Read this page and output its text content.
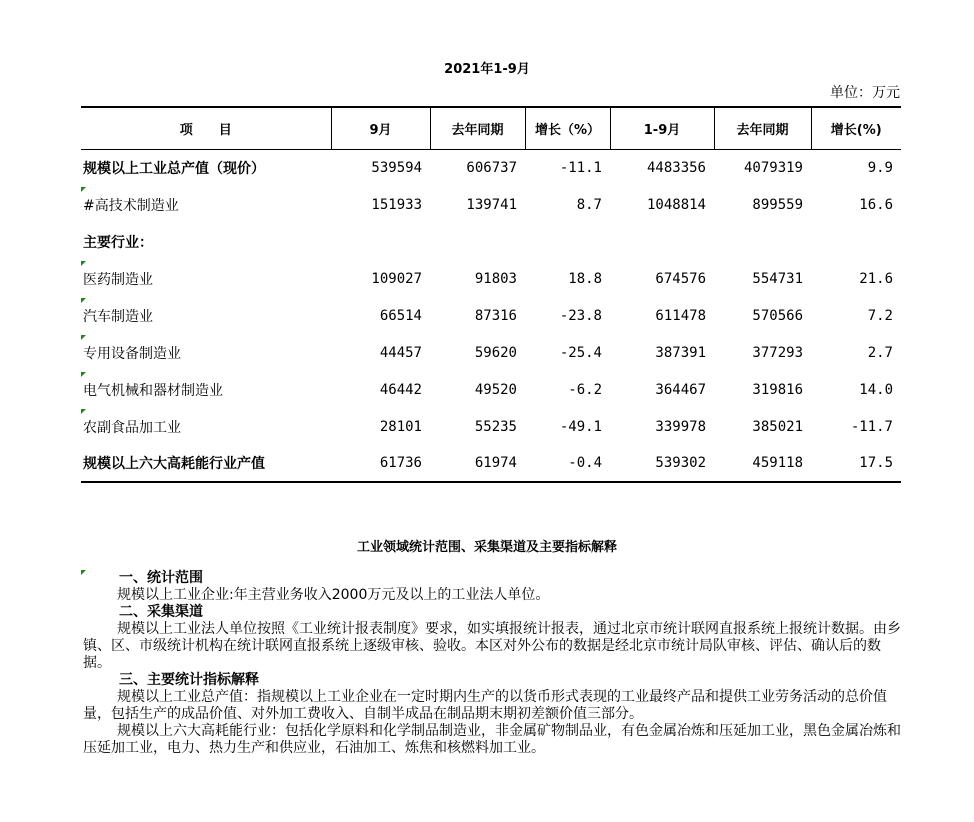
2021年1-9月
单位：万元
项　　目	9月	去年同期	增长（%）	1-9月	去年同期	增长(%)
规模以上工业总产值（现价）	539594	606737	-11.1	4483356	4079319	9.9

#高技术制造业	151933	139741	8.7	1048814	899559	16.6
主要行业：						

医药制造业	109027	91803	18.8	674576	554731	21.6

汽车制造业	66514	87316	-23.8	611478	570566	7.2

专用设备制造业	44457	59620	-25.4	387391	377293	2.7

电气机械和器材制造业	46442	49520	-6.2	364467	319816	14.0

农副食品加工业	28101	55235	-49.1	339978	385021	-11.7
规模以上六大高耗能行业产值	61736	61974	-0.4	539302	459118	17.5
工业领域统计范围、采集渠道及主要指标解释
一、统计范围

规模以上工业企业:年主营业务收入2000万元及以上的工业法人单位。

二、采集渠道

规模以上工业法人单位按照《工业统计报表制度》要求，如实填报统计报表，通过北京市统计联网直报系统上报统计数据。由乡镇、区、市级统计机构在统计联网直报系统上逐级审核、验收。本区对外公布的数据是经北京市统计局队审核、评估、确认后的数据。

三、主要统计指标解释

规模以上工业总产值：指规模以上工业企业在一定时期内生产的以货币形式表现的工业最终产品和提供工业劳务活动的总价值量，包括生产的成品价值、对外加工费收入、自制半成品在制品期末期初差额价值三部分。

规模以上六大高耗能行业：包括化学原料和化学制品制造业，非金属矿物制品业，有色金属冶炼和压延加工业，黑色金属冶炼和压延加工业，电力、热力生产和供应业，石油加工、炼焦和核燃料加工业。
